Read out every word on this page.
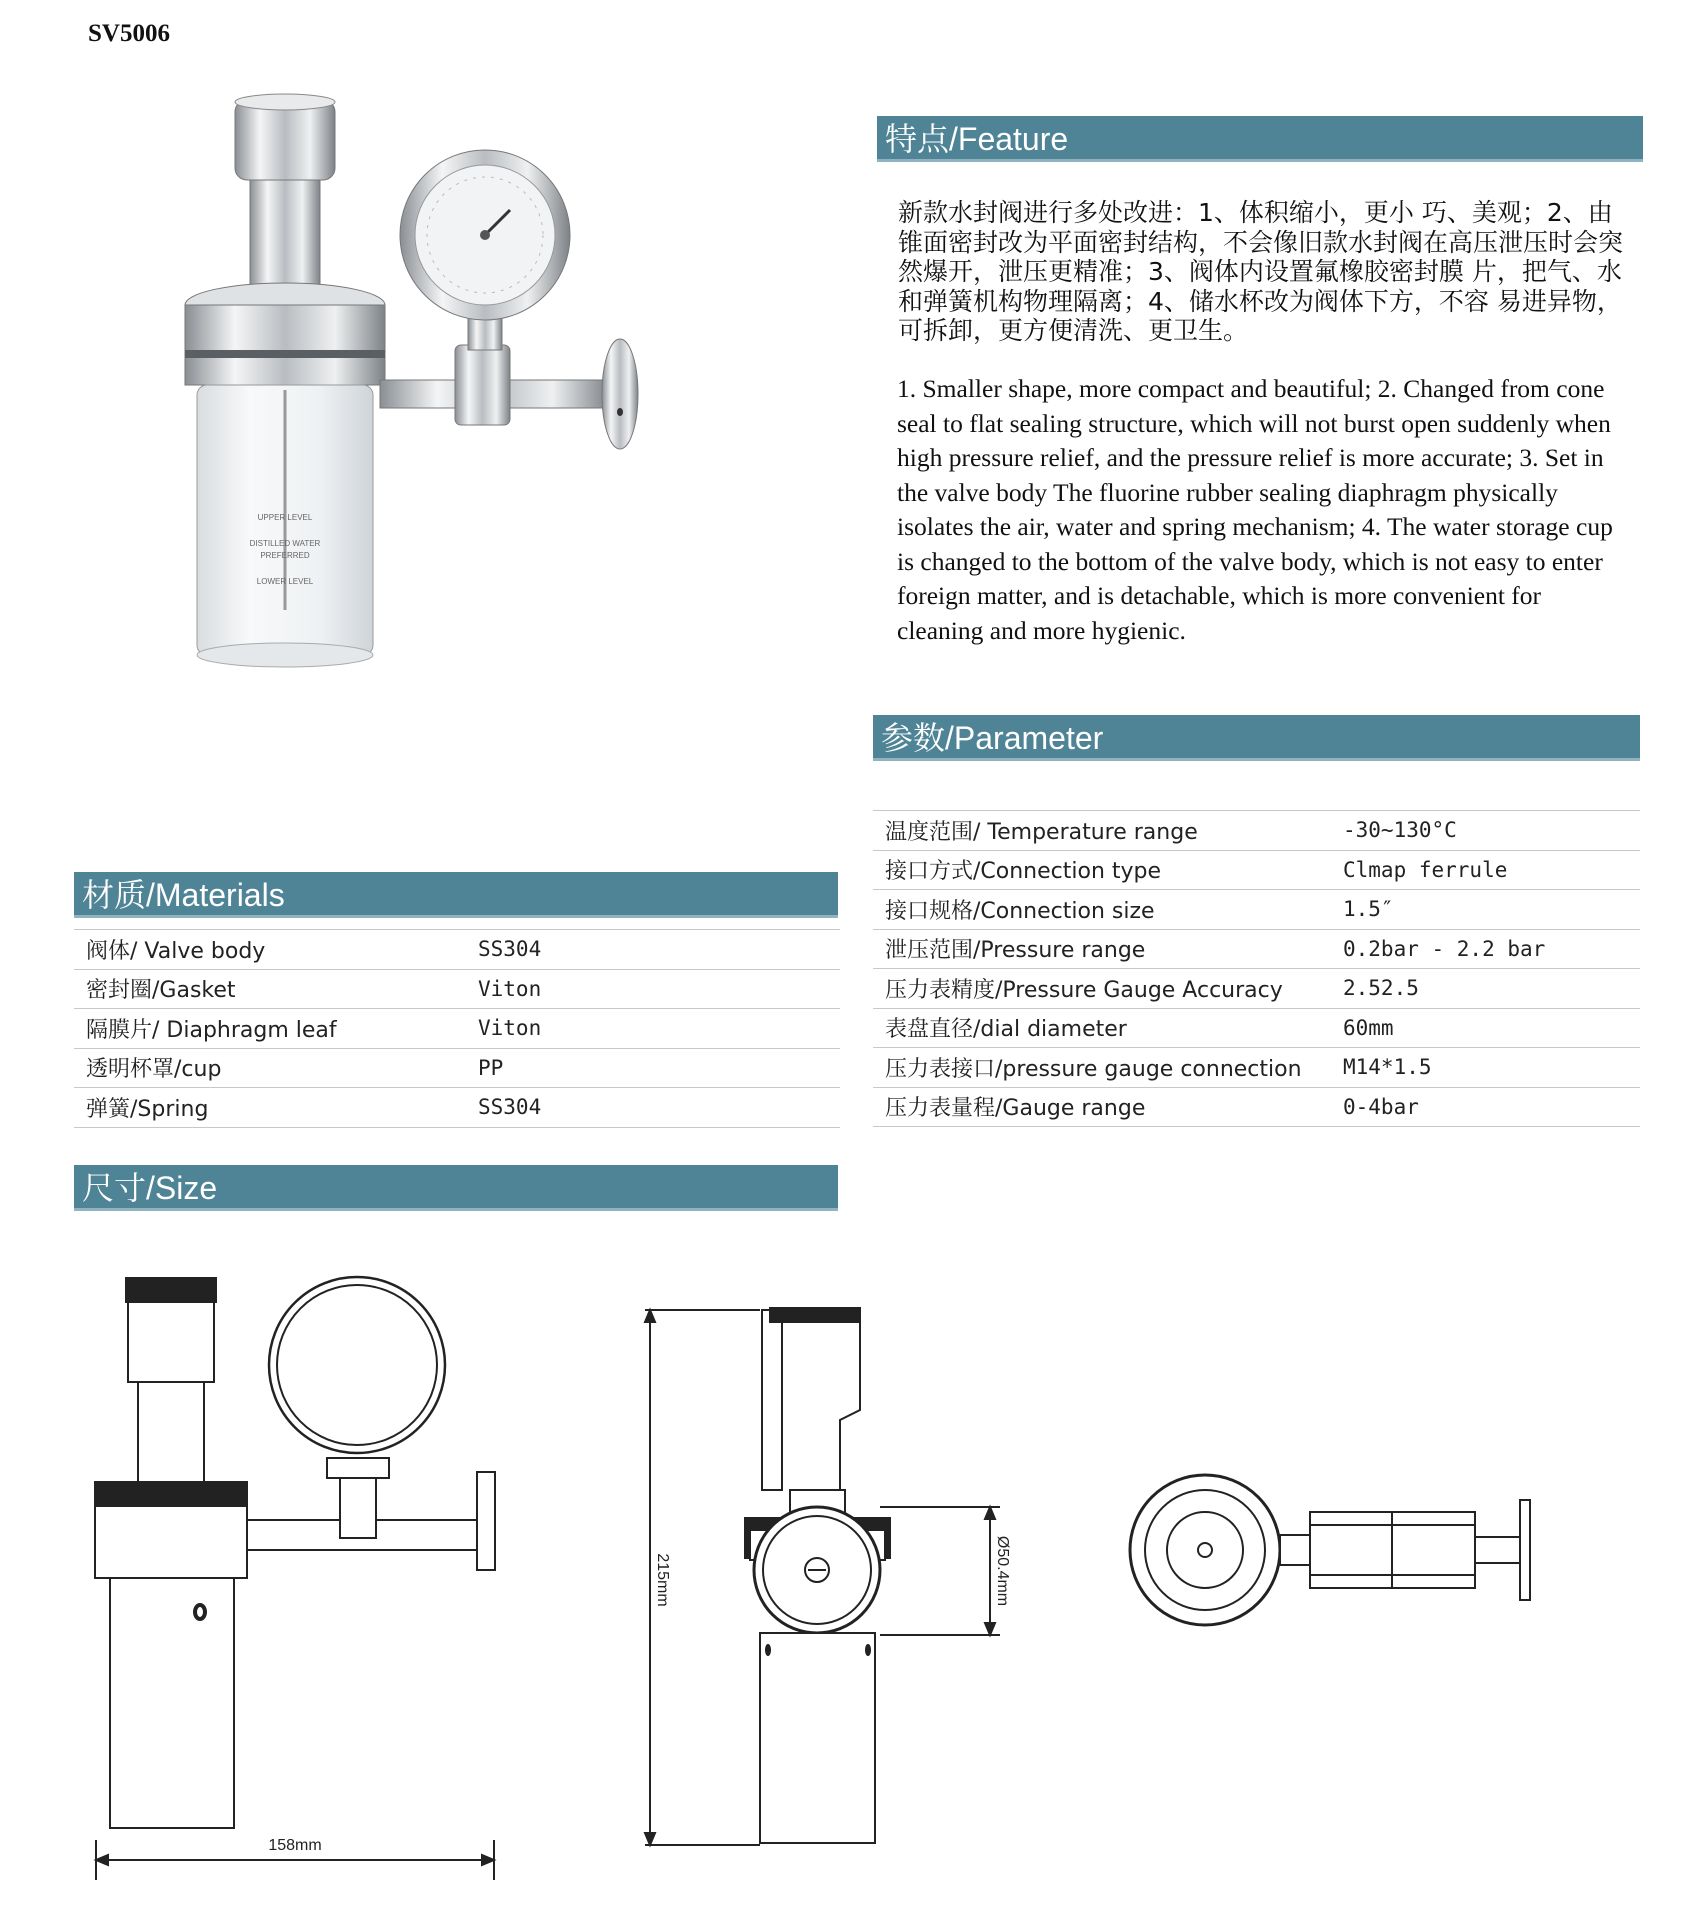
SV5006
UPPER LEVEL
DISTILLED WATER
PREFERRED
LOWER LEVEL
特点/Feature
新款水封阀进行多处改进：1、体积缩小，更小 巧、美观；2、由锥面密封改为平面密封结构，不会像旧款水封阀在高压泄压时会突然爆开，泄压更精准；3、阀体内设置氟橡胶密封膜 片，把气、水和弹簧机构物理隔离；4、储水杯改为阀体下方，不容 易进异物，可拆卸，更方便清洗、更卫生。
1. Smaller shape, more compact and beautiful; 2. Changed from cone seal to flat sealing structure, which will not burst open suddenly when high pressure relief, and the pressure relief is more accurate; 3. Set in the valve body The fluorine rubber sealing diaphragm physically isolates the air, water and spring mechanism; 4. The water storage cup is changed to the bottom of the valve body, which is not easy to enter foreign matter, and is detachable, which is more convenient for cleaning and more hygienic.
参数/Parameter
温度范围/ Temperature range	-30~130°C
接口方式/Connection type	Clmap ferrule
接口规格/Connection size	1.5″
泄压范围/Pressure range	0.2bar - 2.2 bar
压力表精度/Pressure Gauge Accuracy	2.52.5
表盘直径/dial diameter	60mm
压力表接口/pressure gauge connection	M14*1.5
压力表量程/Gauge range	0-4bar
材质/Materials
阀体/ Valve body	SS304
密封圈/Gasket	Viton
隔膜片/ Diaphragm leaf	Viton
透明杯罩/cup	PP
弹簧/Spring	SS304
尺寸/Size
158mm
215mm	Ø50.4mm
